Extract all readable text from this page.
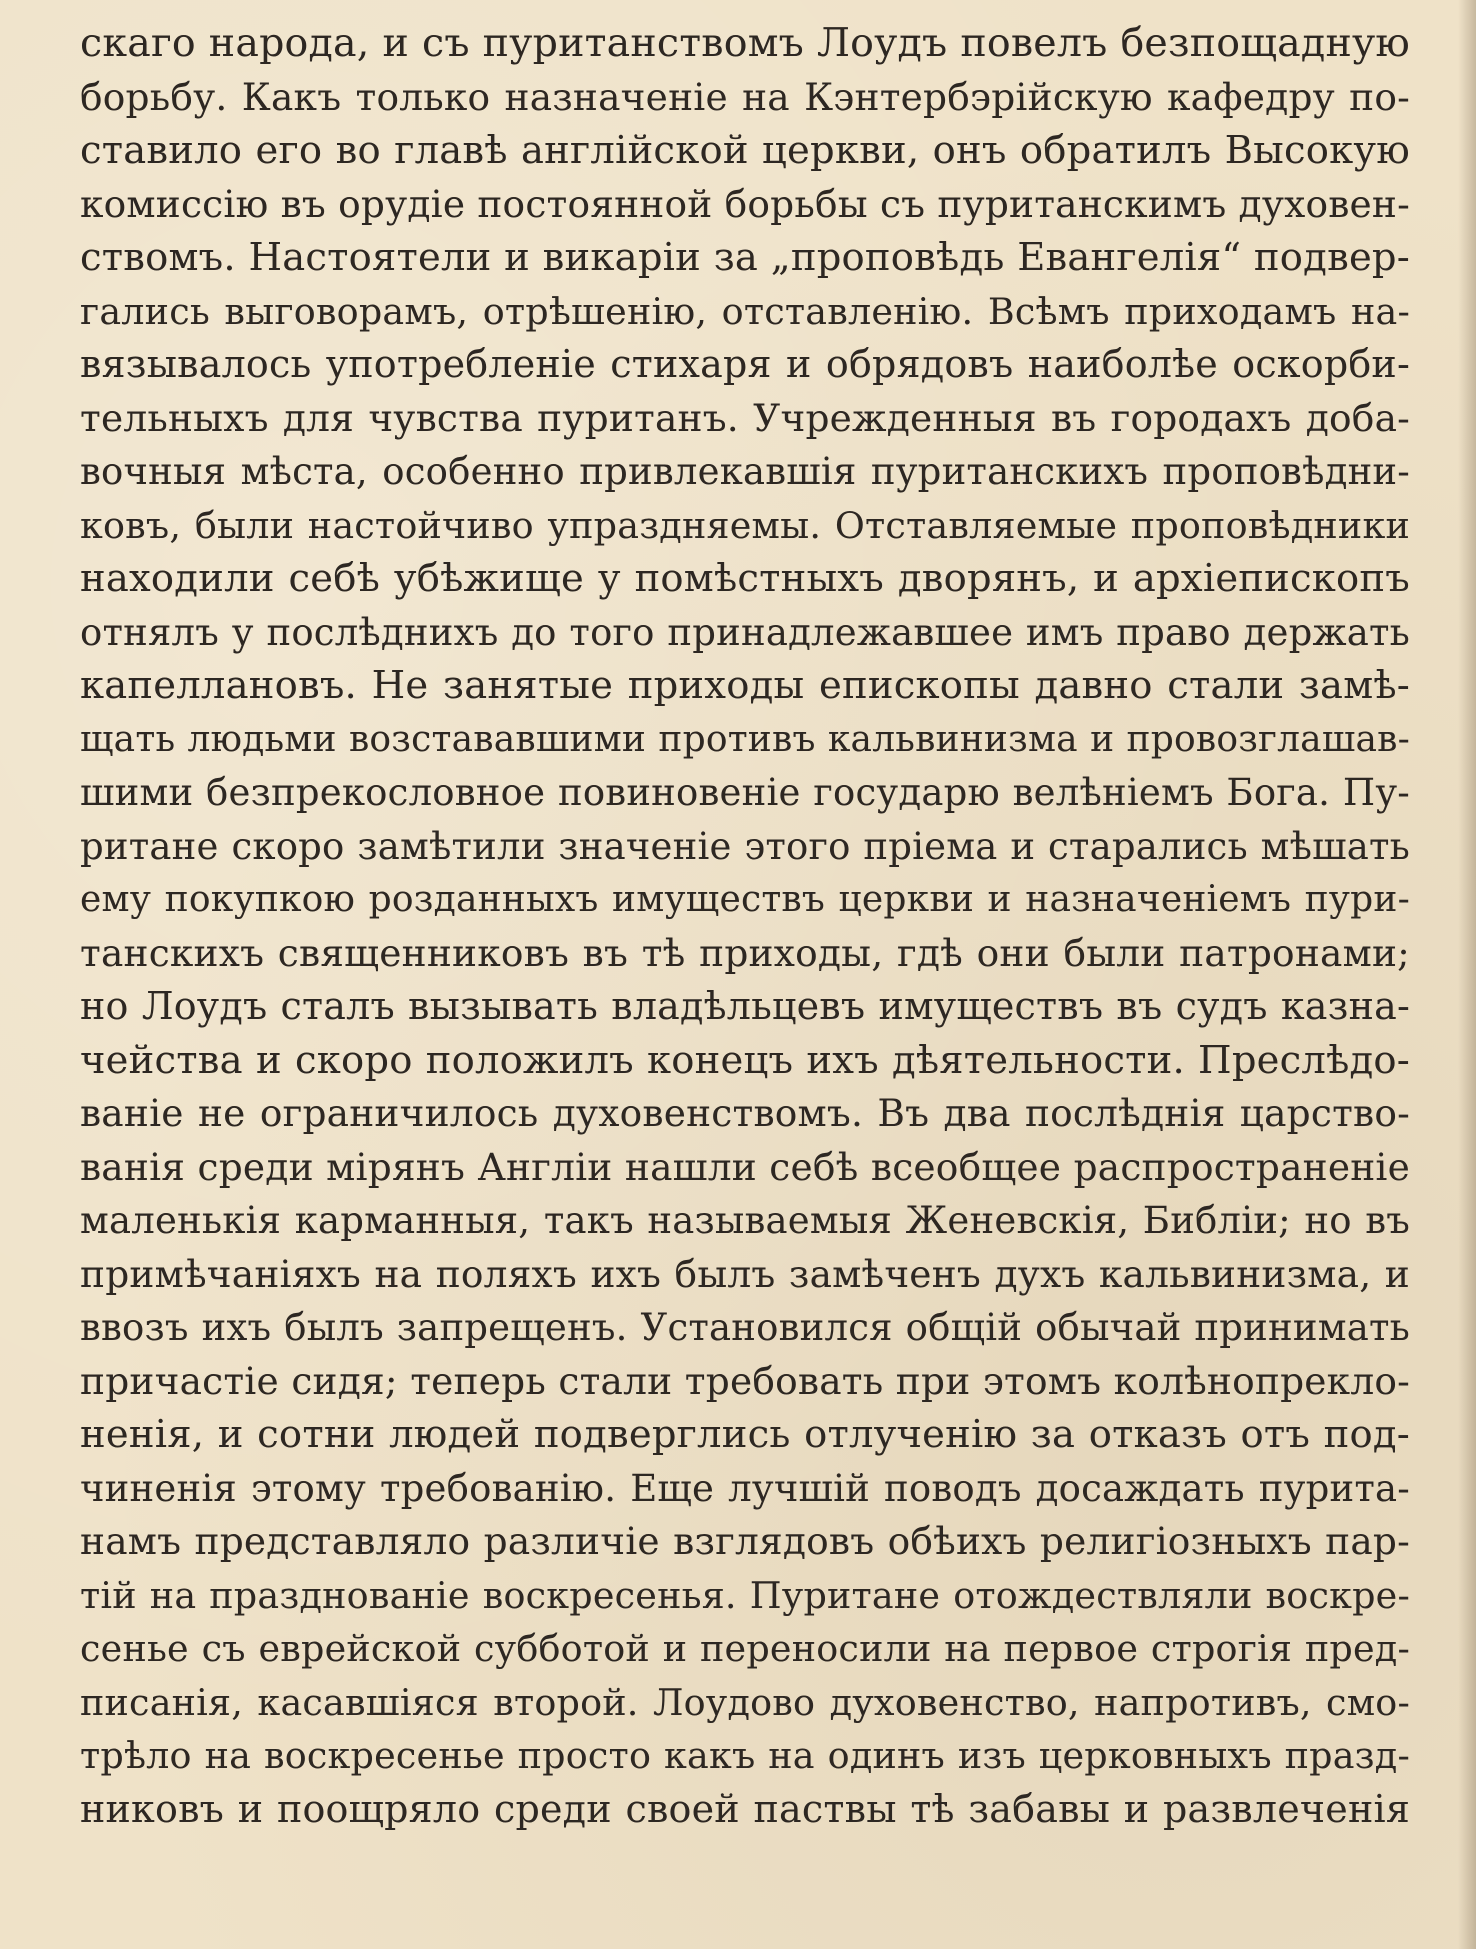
скаго народа, и съ пуританствомъ Лоудъ повелъ безпощадную
борьбу. Какъ только назначеніе на Кэнтербэрійскую кафедру по-
ставило его во главѣ англійской церкви, онъ обратилъ Высокую
комиссію въ орудіе постоянной борьбы съ пуританскимъ духовен-
ствомъ. Настоятели и викаріи за „проповѣдь Евангелія“ подвер-
гались выговорамъ, отрѣшенію, отставленію. Всѣмъ приходамъ на-
вязывалось употребленіе стихаря и обрядовъ наиболѣе оскорби-
тельныхъ для чувства пуританъ. Учрежденныя въ городахъ доба-
вочныя мѣста, особенно привлекавшія пуританскихъ проповѣдни-
ковъ, были настойчиво упраздняемы. Отставляемые проповѣдники
находили себѣ убѣжище у помѣстныхъ дворянъ, и архіепископъ
отнялъ у послѣднихъ до того принадлежавшее имъ право держать
капеллановъ. Не занятые приходы епископы давно стали замѣ-
щать людьми возстававшими противъ кальвинизма и провозглашав-
шими безпрекословное повиновеніе государю велѣніемъ Бога. Пу-
ритане скоро замѣтили значеніе этого пріема и старались мѣшать
ему покупкою розданныхъ имуществъ церкви и назначеніемъ пури-
танскихъ священниковъ въ тѣ приходы, гдѣ они были патронами;
но Лоудъ сталъ вызывать владѣльцевъ имуществъ въ судъ казна-
чейства и скоро положилъ конецъ ихъ дѣятельности. Преслѣдо-
ваніе не ограничилось духовенствомъ. Въ два послѣднія царство-
ванія среди мірянъ Англіи нашли себѣ всеобщее распространеніе
маленькія карманныя, такъ называемыя Женевскія, Библіи; но въ
примѣчаніяхъ на поляхъ ихъ былъ замѣченъ духъ кальвинизма, и
ввозъ ихъ былъ запрещенъ. Установился общій обычай принимать
причастіе сидя; теперь стали требовать при этомъ колѣнопреклo-
ненія, и сотни людей подверглись отлученію за отказъ отъ под-
чиненія этому требованію. Еще лучшій поводъ досаждать пурита-
намъ представляло различіе взглядовъ обѣихъ религіозныхъ пар-
тій на празднованіе воскресенья. Пуритане отождествляли воскре-
сенье съ еврейской субботой и переносили на первое строгія пред-
писанія, касавшіяся второй. Лоудово духовенство, напротивъ, смо-
трѣло на воскресенье просто какъ на одинъ изъ церковныхъ празд-
никовъ и поощряло среди своей паствы тѣ забавы и развлеченія
